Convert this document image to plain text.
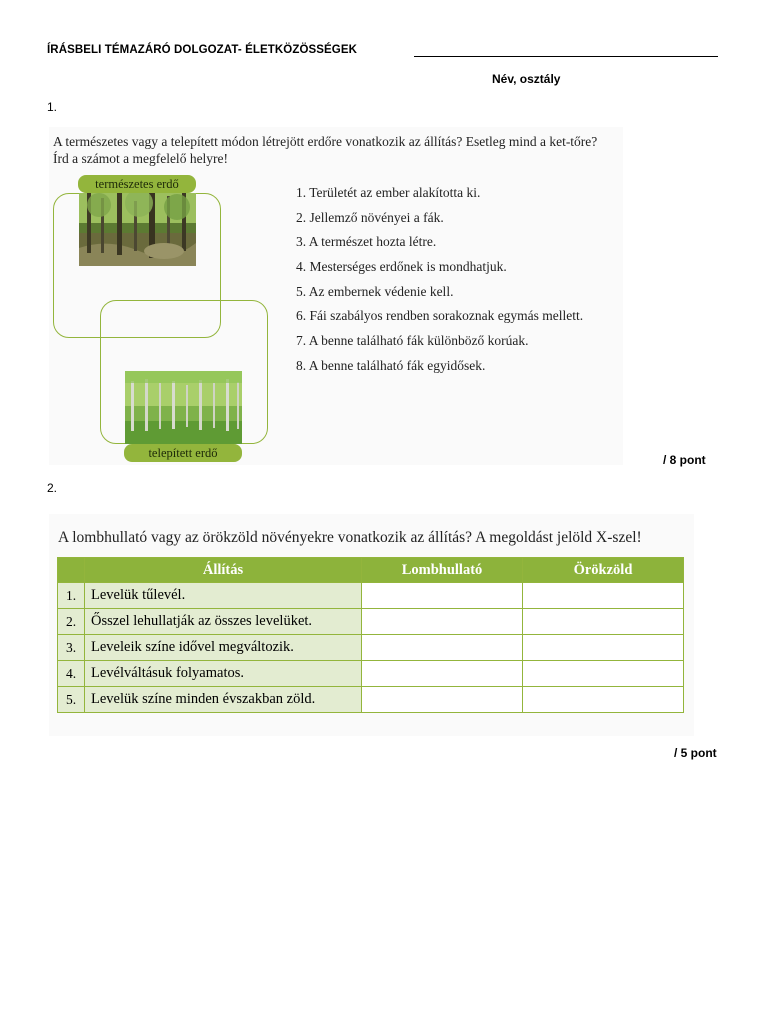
ÍRÁSBELI TÉMAZÁRÓ DOLGOZAT- ÉLETKÖZÖSSÉGEK
Név, osztály
1.
A természetes vagy a telepített módon létrejött erdőre vonatkozik az állítás? Esetleg mind a ket-tőre? Írd a számot a megfelelő helyre!
természetes erdő
telepített erdő
1. Területét az ember alakította ki.
2. Jellemző növényei a fák.
3. A természet hozta létre.
4. Mesterséges erdőnek is mondhatjuk.
5. Az embernek védenie kell.
6. Fái szabályos rendben sorakoznak egymás mellett.
7. A benne található fák különböző korúak.
8. A benne található fák egyidősek.
/ 8 pont
2.
A lombhullató vagy az örökzöld növényekre vonatkozik az állítás? A megoldást jelöld X-szel!
	Állítás	Lombhullató	Örökzöld
1.	Levelük tűlevél.		
2.	Ősszel lehullatják az összes levelüket.		
3.	Leveleik színe idővel megváltozik.		
4.	Levélváltásuk folyamatos.		
5.	Levelük színe minden évszakban zöld.		
/ 5 pont
